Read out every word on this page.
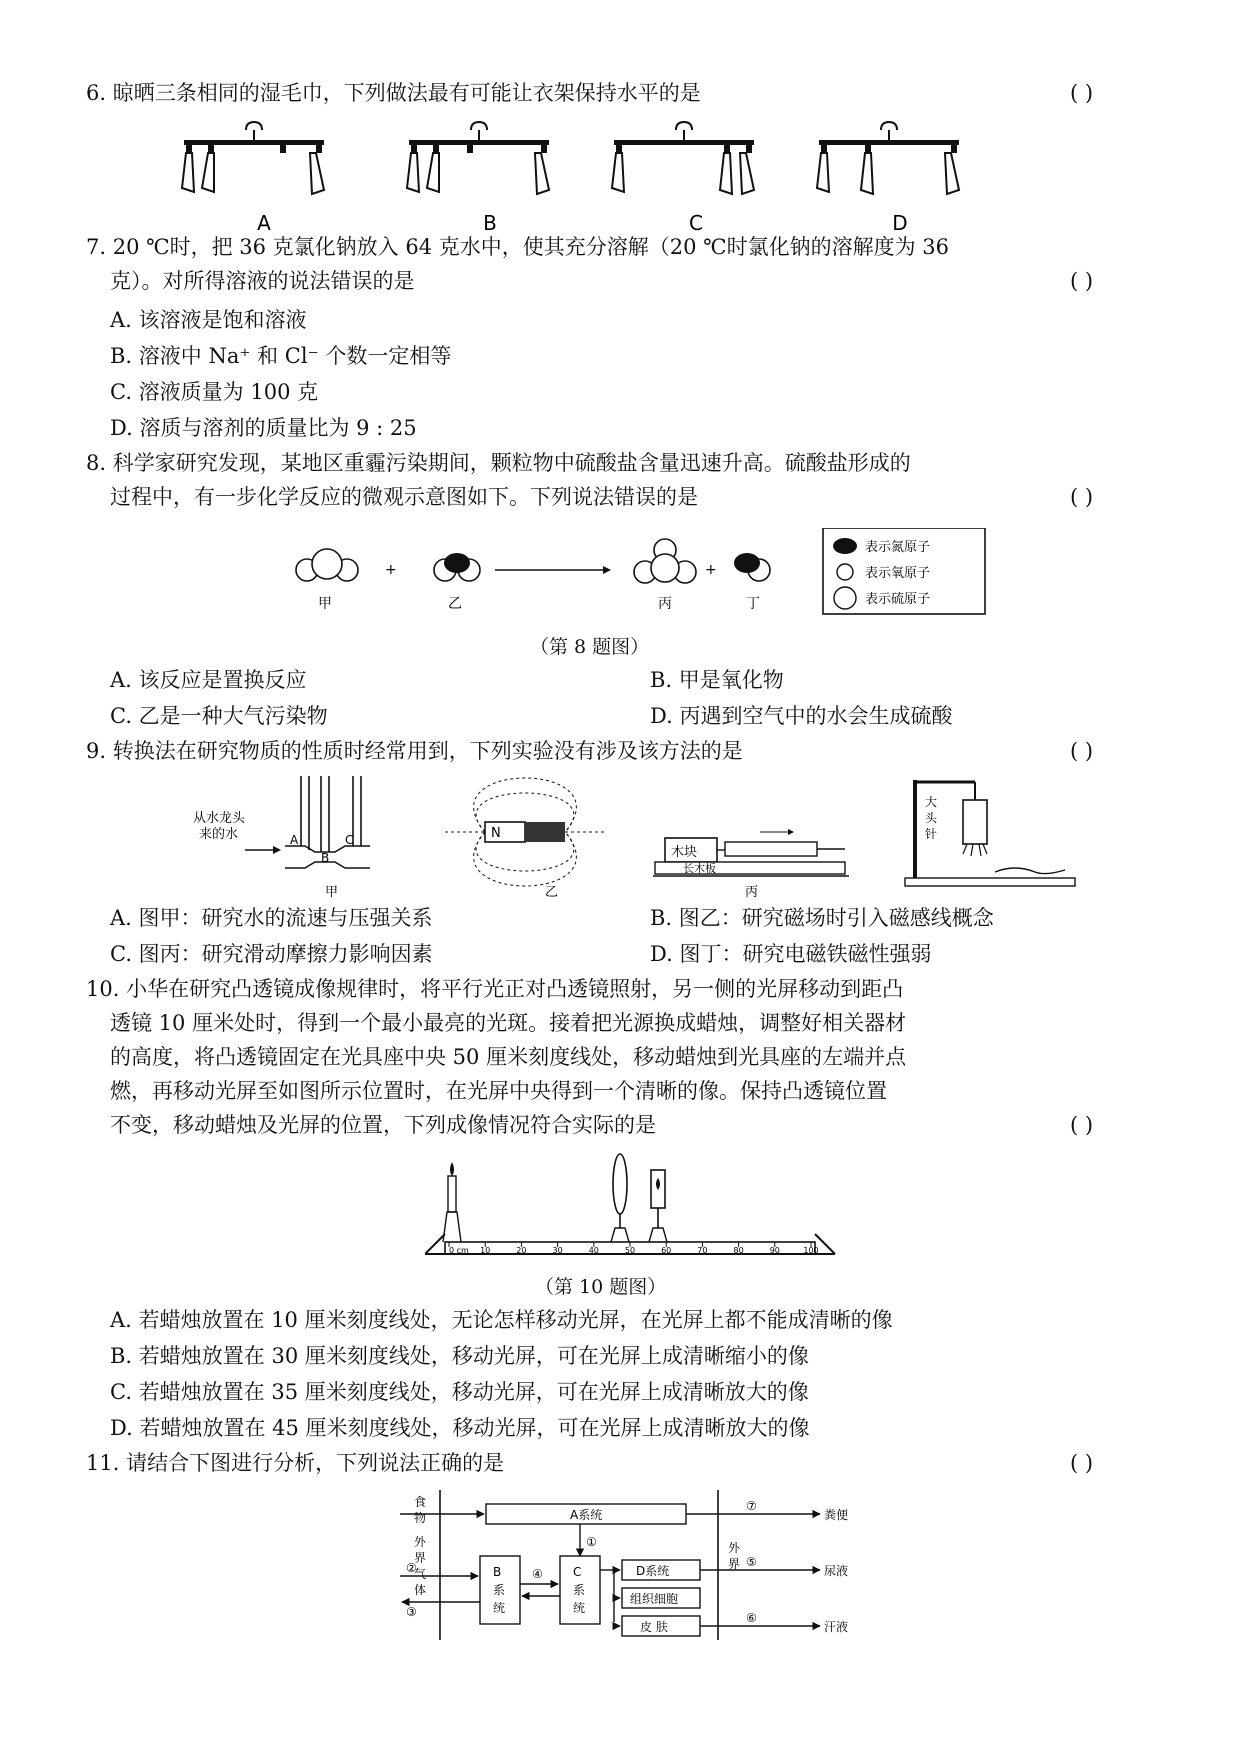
6. 晾晒三条相同的湿毛巾，下列做法最有可能让衣架保持水平的是	( )
A	B	C	D
7. 20 ℃时，把 36 克氯化钠放入 64 克水中，使其充分溶解（20 ℃时氯化钠的溶解度为 36
克）。对所得溶液的说法错误的是	( )
A. 该溶液是饱和溶液
B. 溶液中 Na⁺ 和 Cl⁻ 个数一定相等
C. 溶液质量为 100 克
D. 溶质与溶剂的质量比为 9 : 25
8. 科学家研究发现，某地区重霾污染期间，颗粒物中硫酸盐含量迅速升高。硫酸盐形成的
过程中，有一步化学反应的微观示意图如下。下列说法错误的是	( )
+	+
甲	乙	丙	丁
表示氮原子
表示氧原子
表示硫原子
（第 8 题图）
A. 该反应是置换反应	B. 甲是氧化物
C. 乙是一种大气污染物	D. 丙遇到空气中的水会生成硫酸
9. 转换法在研究物质的性质时经常用到，下列实验没有涉及该方法的是	( )
从水龙头
来的水	A
B
C
甲
N
乙
木块
长木板
丙
大
头
针
A. 图甲：研究水的流速与压强关系	B. 图乙：研究磁场时引入磁感线概念
C. 图丙：研究滑动摩擦力影响因素	D. 图丁：研究电磁铁磁性强弱
10. 小华在研究凸透镜成像规律时，将平行光正对凸透镜照射，另一侧的光屏移动到距凸
透镜 10 厘米处时，得到一个最小最亮的光斑。接着把光源换成蜡烛，调整好相关器材
的高度，将凸透镜固定在光具座中央 50 厘米刻度线处，移动蜡烛到光具座的左端并点
燃，再移动光屏至如图所示位置时，在光屏中央得到一个清晰的像。保持凸透镜位置
不变，移动蜡烛及光屏的位置，下列成像情况符合实际的是	( )
0 cm 10	20	30	40	50	60	70	80	90	100
（第 10 题图）
A. 若蜡烛放置在 10 厘米刻度线处，无论怎样移动光屏，在光屏上都不能成清晰的像
B. 若蜡烛放置在 30 厘米刻度线处，移动光屏，可在光屏上成清晰缩小的像
C. 若蜡烛放置在 35 厘米刻度线处，移动光屏，可在光屏上成清晰放大的像
D. 若蜡烛放置在 45 厘米刻度线处，移动光屏，可在光屏上成清晰放大的像
11. 请结合下图进行分析，下列说法正确的是	( )
食
物
外
界
气
体
外
界
A系统
⑦
粪便
①
B
系
统
②
③
C
系
统
④	D系统
组织细胞
皮 肤
⑤
尿液
⑥
汗液
